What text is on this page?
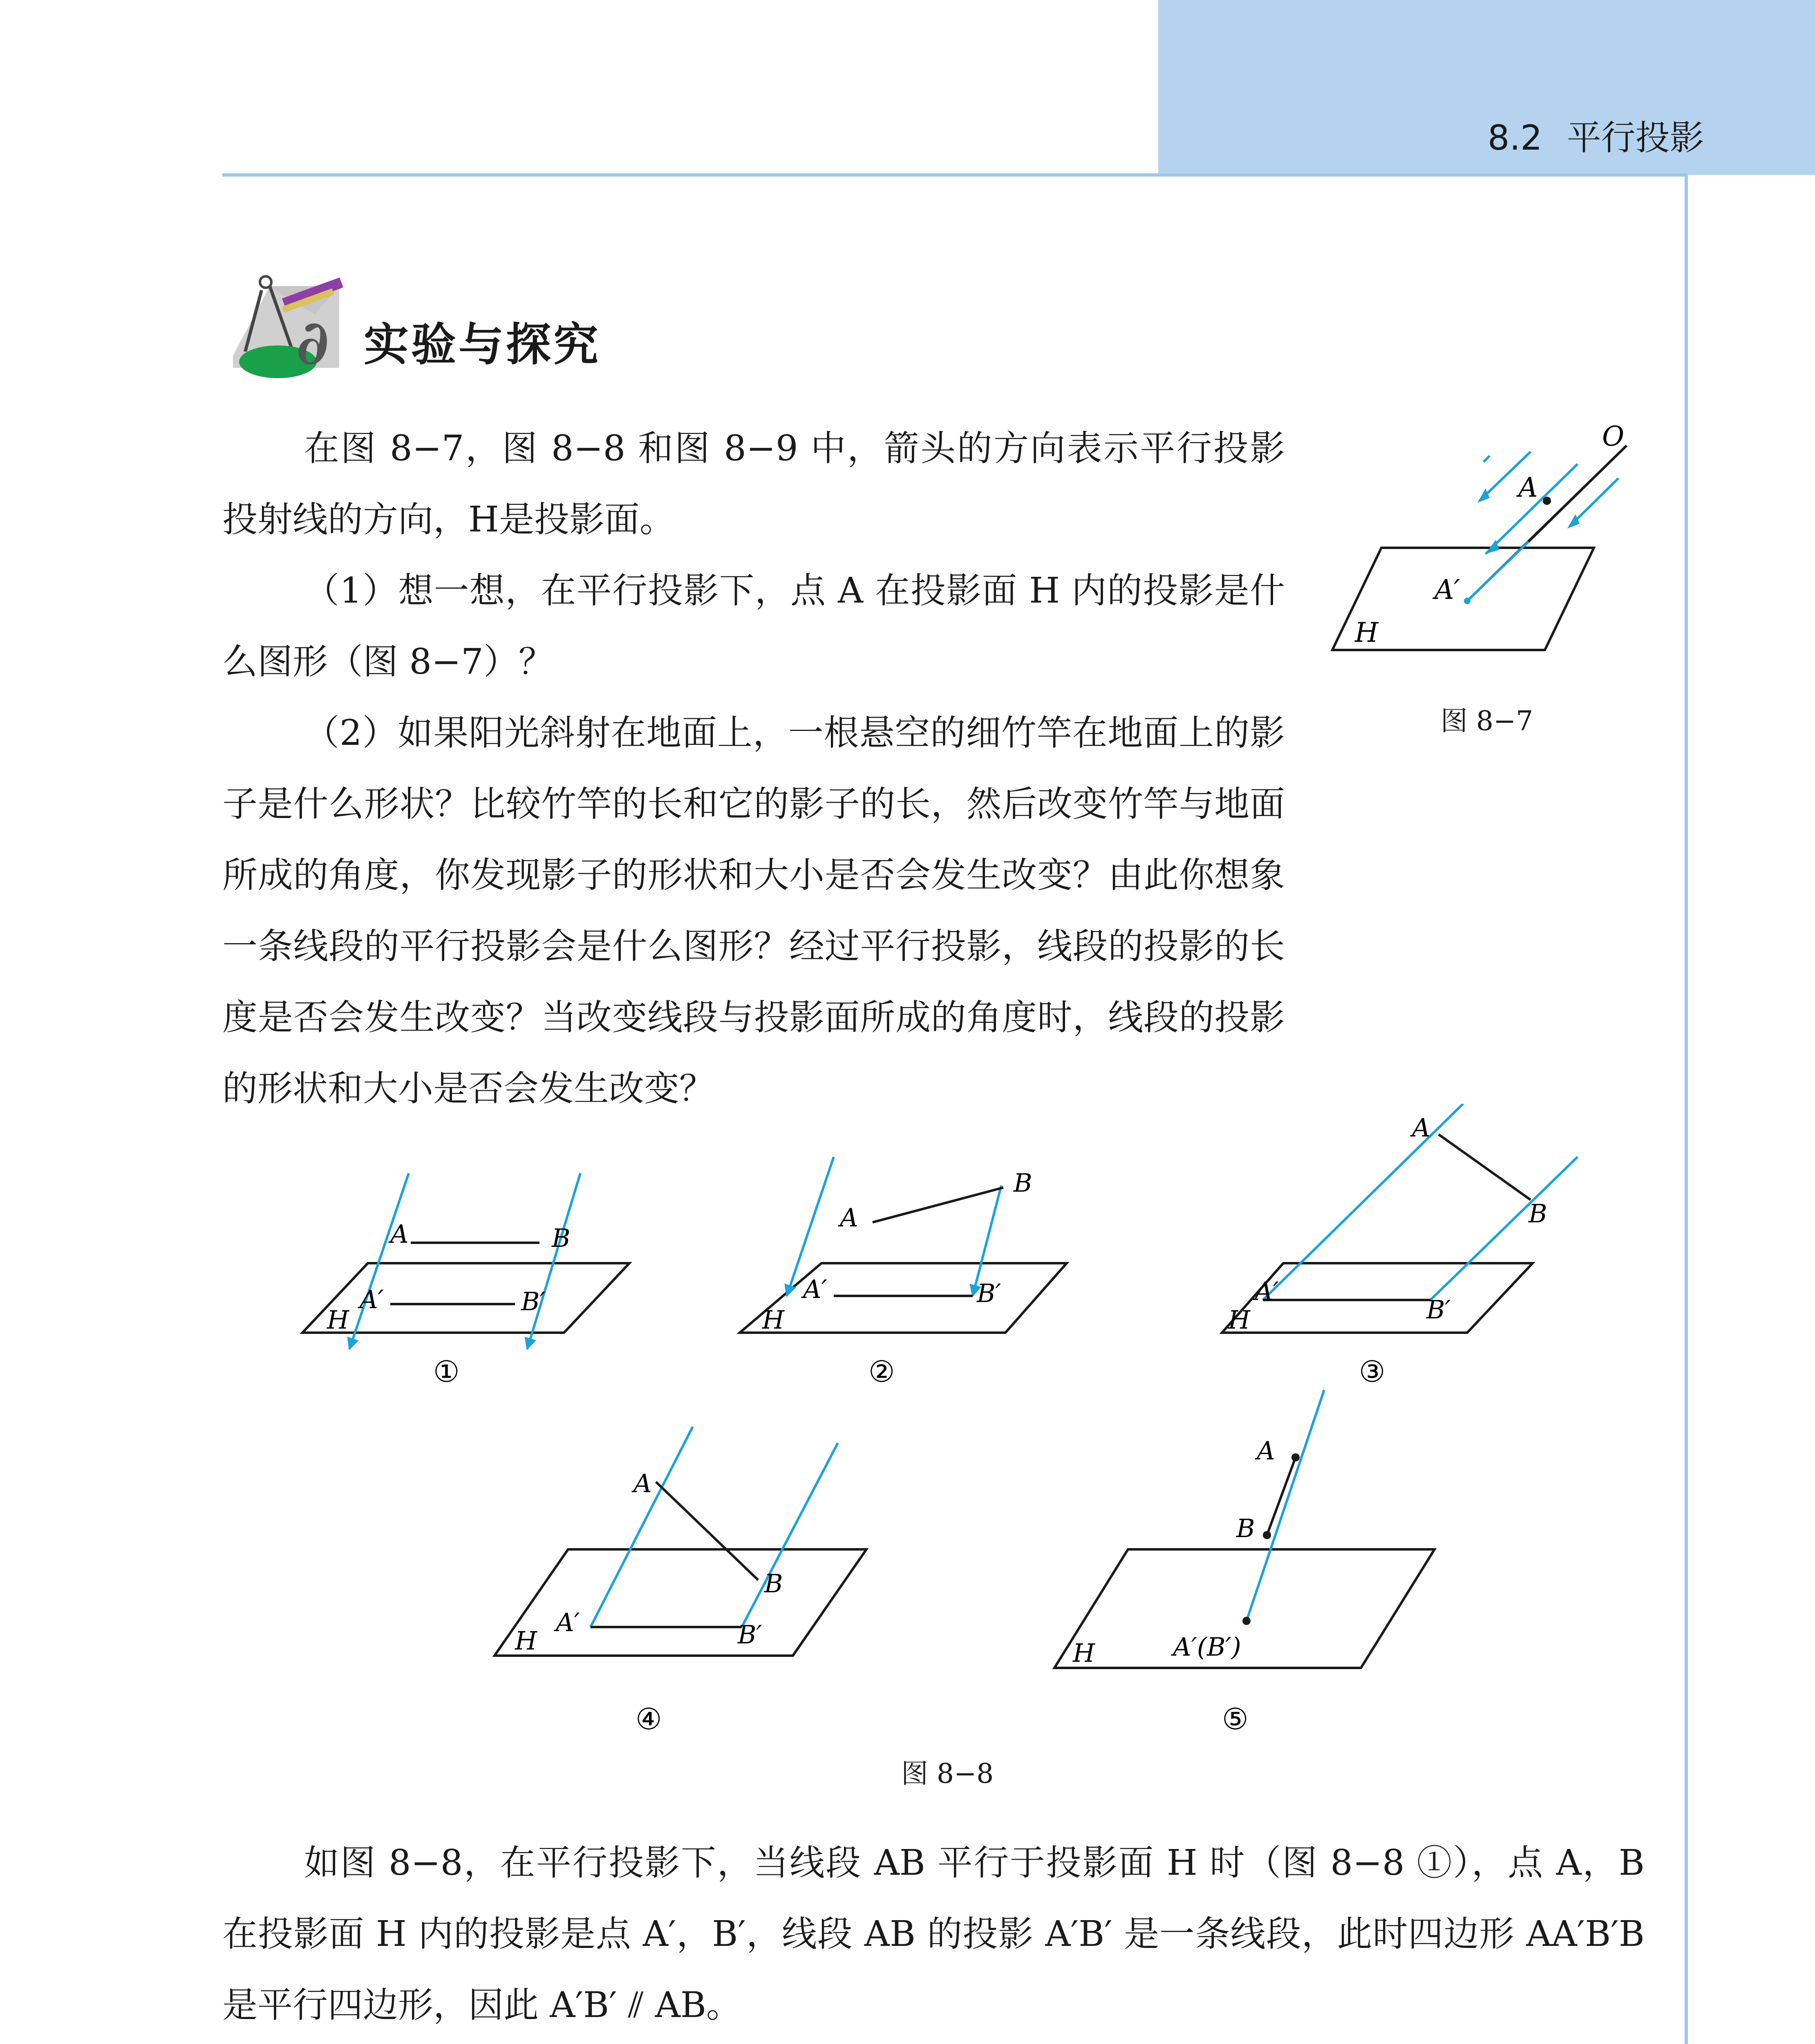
8.2 平行投影
∂ 实验与探究

在图 8−7，图 8−8 和图 8−9 中，箭头的方向表示平行投影投射线的方向，H是投影面。

（1）想一想，在平行投影下，点 A 在投影面 H 内的投影是什么图形（图 8−7）？

（2）如果阳光斜射在地面上，一根悬空的细竹竿在地面上的影子是什么形状？比较竹竿的长和它的影子的长，然后改变竹竿与地面所成的角度，你发现影子的形状和大小是否会发生改变？由此你想象一条线段的平行投影会是什么图形？经过平行投影，线段的投影的长度是否会发生改变？当改变线段与投影面所成的角度时，线段的投影的形状和大小是否会发生改变？

O
A
A′
H
图 8−7
A	B
A′	B′
H
A
B
A′	B′
H
A
B
A′
B′
H
A
B
A′	B′
H
A
B
A′(B′)
H
①	②	③
④	⑤
图 8−8

如图 8−8，在平行投影下，当线段 AB 平行于投影面 H 时（图 8−8 ①），点 A，B 在投影面 H 内的投影是点 A′，B′，线段 AB 的投影 A′B′ 是一条线段，此时四边形 AA′B′B 是平行四边形，因此 A′B′ ⫽ AB。
